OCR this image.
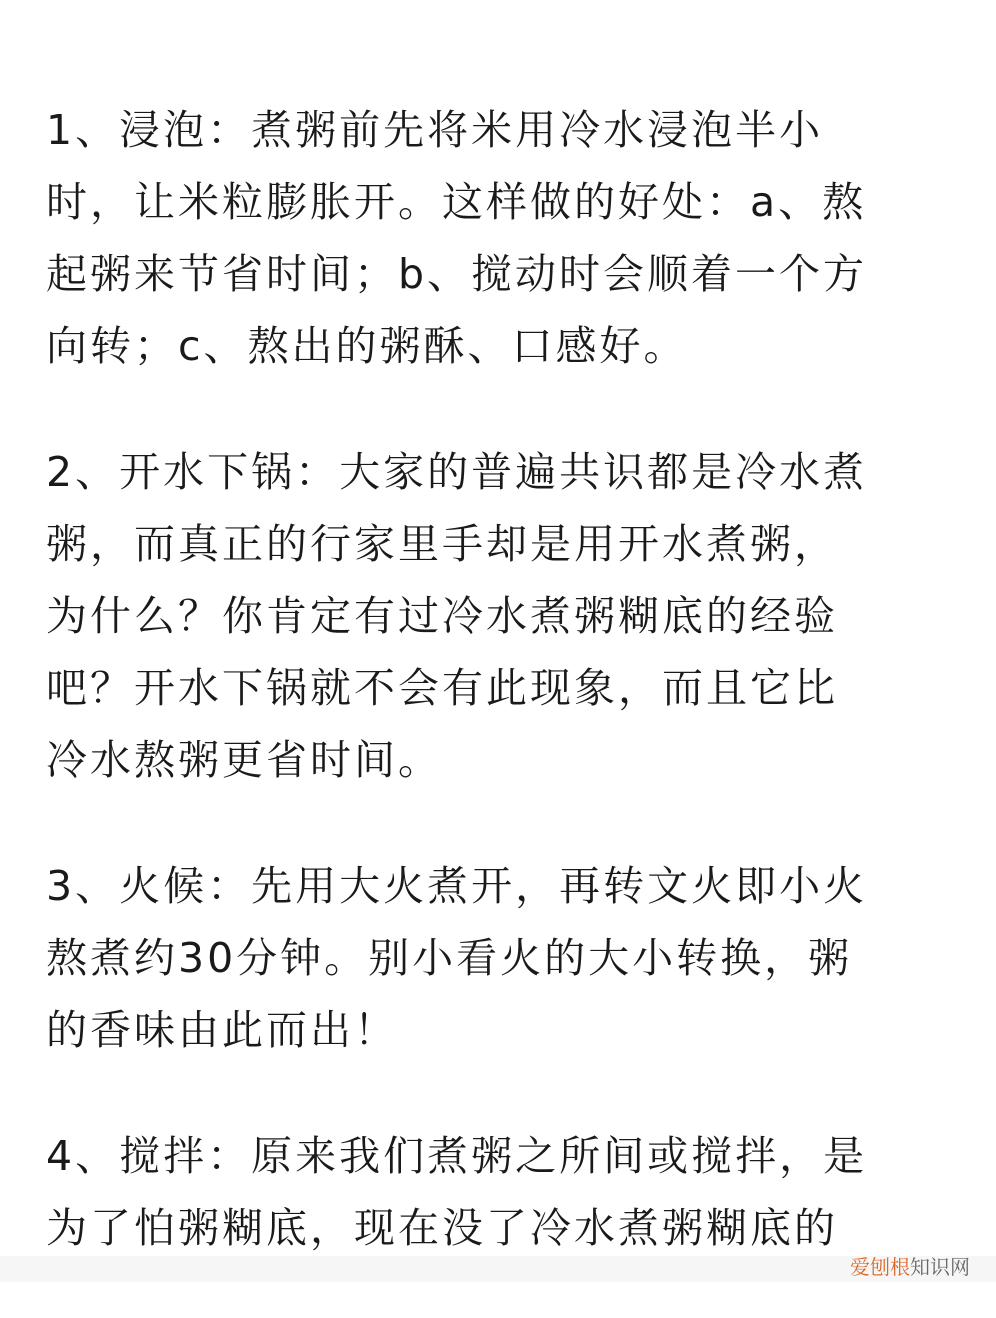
1、浸泡：煮粥前先将米用冷水浸泡半小
时，让米粒膨胀开。这样做的好处：a、熬
起粥来节省时间；b、搅动时会顺着一个方
向转；c、熬出的粥酥、口感好。
2、开水下锅：大家的普遍共识都是冷水煮
粥，而真正的行家里手却是用开水煮粥，
为什么？你肯定有过冷水煮粥糊底的经验
吧？开水下锅就不会有此现象，而且它比
冷水熬粥更省时间。
3、火候：先用大火煮开，再转文火即小火
熬煮约30分钟。别小看火的大小转换，粥
的香味由此而出！
4、搅拌：原来我们煮粥之所间或搅拌，是
为了怕粥糊底，现在没了冷水煮粥糊底的
爱刨根知识网
